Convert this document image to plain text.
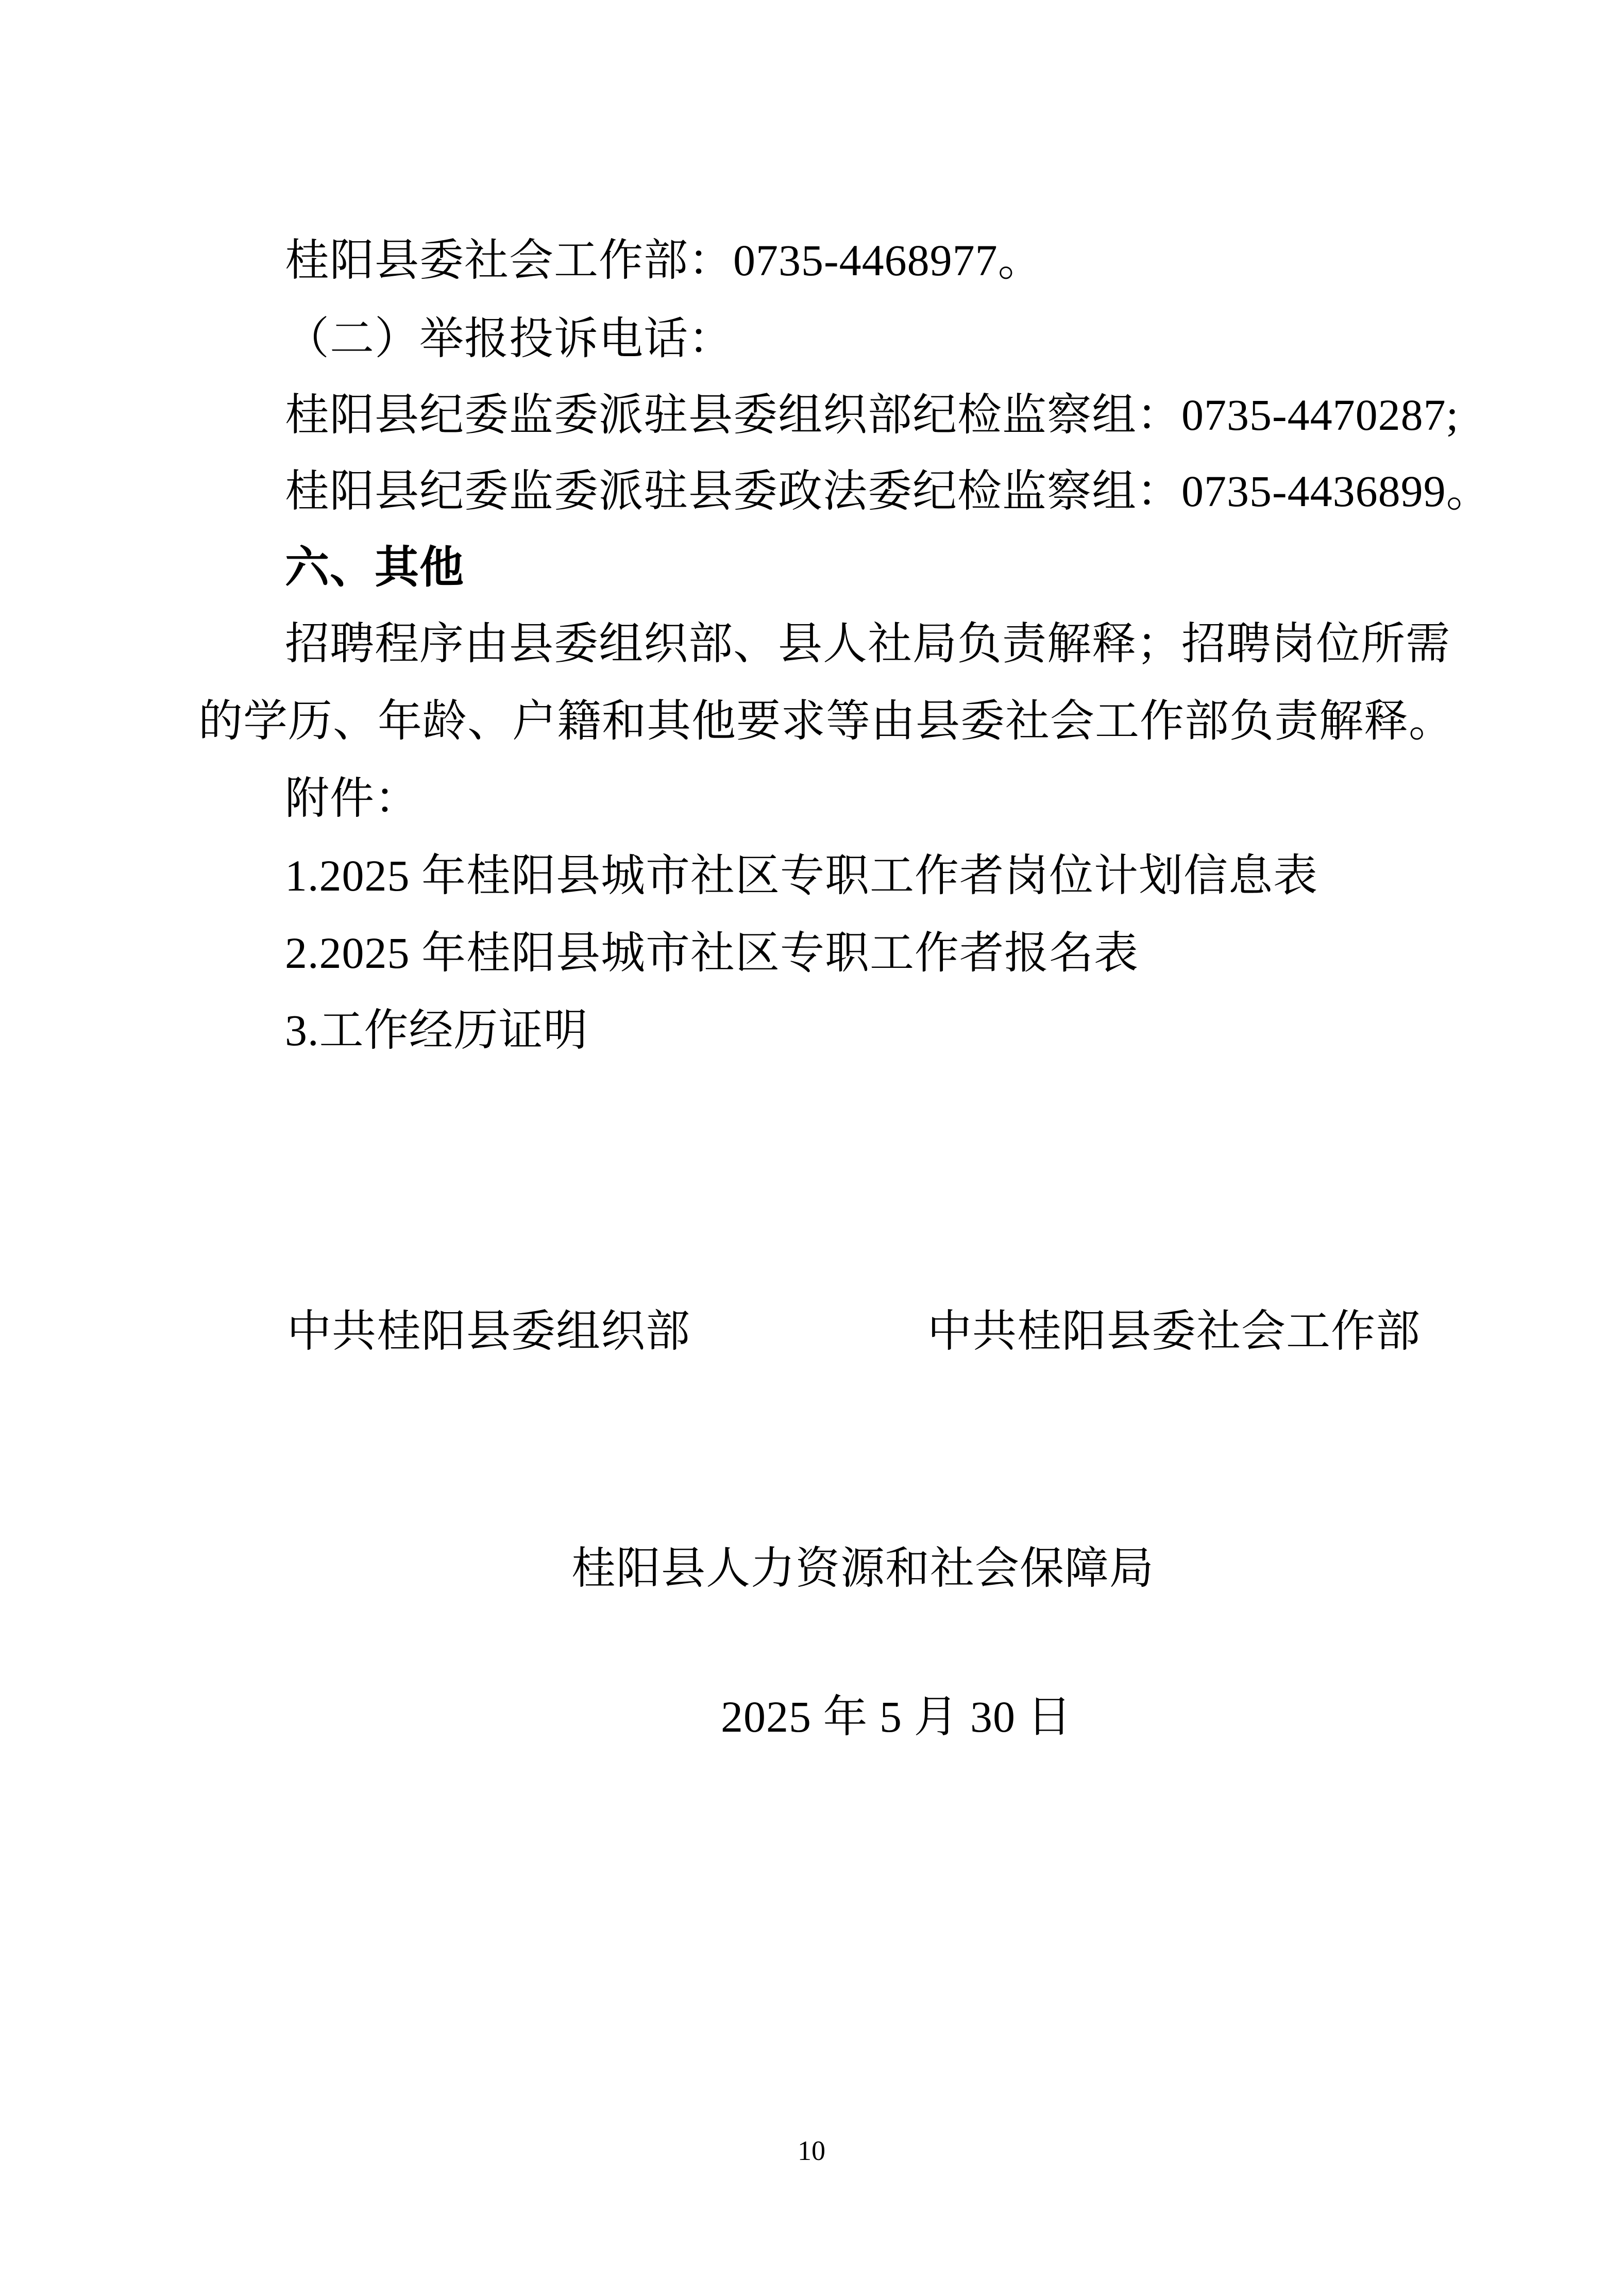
桂阳县委社会工作部：0735-4468977。
（二）举报投诉电话：
桂阳县纪委监委派驻县委组织部纪检监察组：0735-4470287;
桂阳县纪委监委派驻县委政法委纪检监察组：0735-4436899。
六、其他
招聘程序由县委组织部、县人社局负责解释；招聘岗位所需
的学历、年龄、户籍和其他要求等由县委社会工作部负责解释。
附件：
1.2025 年桂阳县城市社区专职工作者岗位计划信息表
2.2025 年桂阳县城市社区专职工作者报名表
3.工作经历证明
中共桂阳县委组织部	中共桂阳县委社会工作部
桂阳县人力资源和社会保障局
2025 年 5 月 30 日
10
